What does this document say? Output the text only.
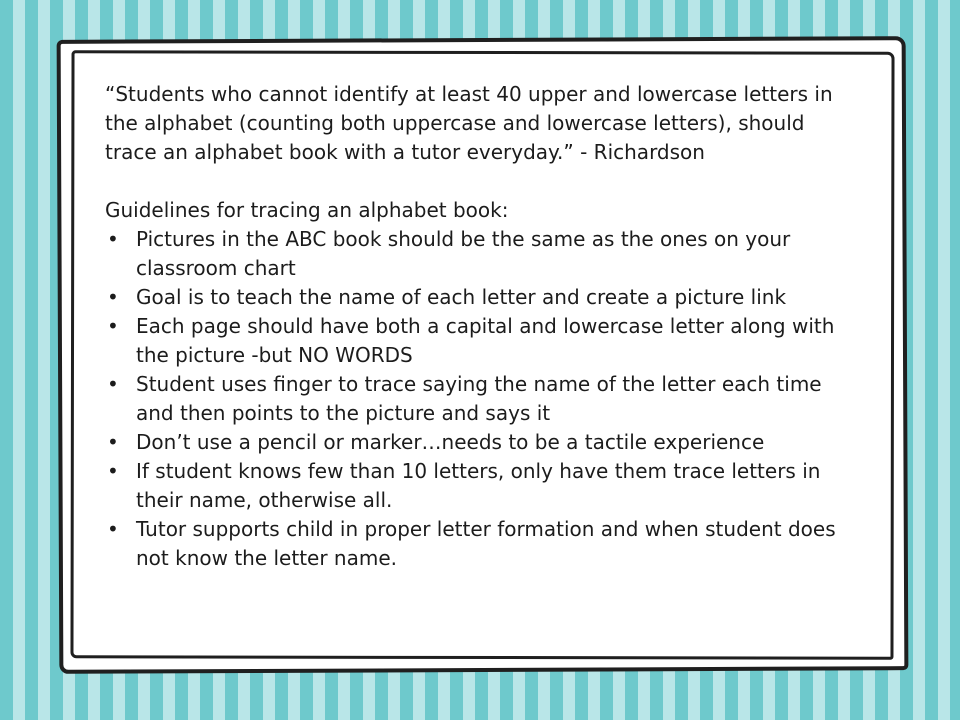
“Students who cannot identify at least 40 upper and lowercase letters in the alphabet (counting both uppercase and lowercase letters), should trace an alphabet book with a tutor everyday.” - Richardson

Guidelines for tracing an alphabet book:

• Pictures in the ABC book should be the same as the ones on your classroom chart
• Goal is to teach the name of each letter and create a picture link
• Each page should have both a capital and lowercase letter along with the picture -but NO WORDS
• Student uses finger to trace saying the name of the letter each time and then points to the picture and says it
• Don’t use a pencil or marker…needs to be a tactile experience
• If student knows few than 10 letters, only have them trace letters in their name, otherwise all.
• Tutor supports child in proper letter formation and when student does not know the letter name.
